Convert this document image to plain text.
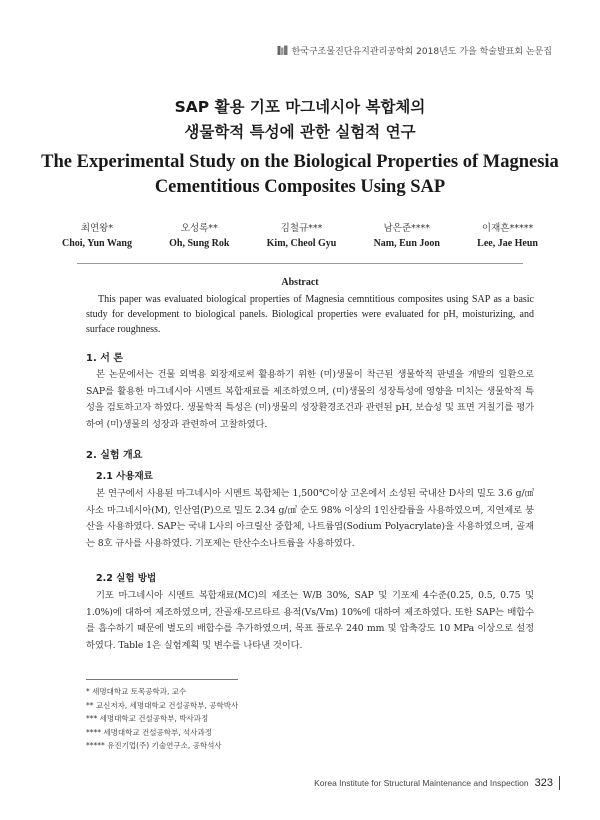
한국구조물진단유지관리공학회 2018년도 가을 학술발표회 논문집
SAP 활용 기포 마그네시아 복합체의
생물학적 특성에 관한 실험적 연구
The Experimental Study on the Biological Properties of Magnesia
Cementitious Composites Using SAP
최연왕*
Choi, Yun Wang
오성록**
Oh, Sung Rok
김철규***
Kim, Cheol Gyu
남은준****
Nam, Eun Joon
이재흔*****
Lee, Jae Heun
Abstract
This paper was evaluated biological properties of Magnesia cemntitious composites using SAP as a basic study for development to biological panels. Biological properties were evaluated for pH, moisturizing, and surface roughness.
1. 서 론
본 논문에서는 건물 외벽용 외장재로써 활용하기 위한 (미)생물이 착근된 생물학적 판넬을 개발의 일환으로 SAP를 활용한 마그네시아 시멘트 복합재료를 제조하였으며, (미)생물의 성장특성에 영향을 미치는 생물학적 특성을 검토하고자 하였다. 생물학적 특성은 (미)생물의 성장환경조건과 관련된 pH, 보습성 및 표면 거칠기를 평가하여 (미)생물의 성장과 관련하여 고찰하였다.
2. 실험 개요
2.1 사용재료
본 연구에서 사용된 마그네시아 시멘트 복합체는 1,500℃이상 고온에서 소성된 국내산 D사의 밀도 3.6 g/㎤ 사소 마그네시아(M), 인산염(P)으로 밀도 2.34 g/㎤ 순도 98% 이상의 1인산칼륨을 사용하였으며, 지연제로 붕산을 사용하였다. SAP는 국내 L사의 아크릴산 중합체, 나트륨염(Sodium Polyacrylate)을 사용하였으며, 골재는 8호 규사를 사용하였다. 기포제는 탄산수소나트륨을 사용하였다.
2.2 실험 방법
기포 마그네시아 시멘트 복합재료(MC)의 제조는 W/B 30%, SAP 및 기포제 4수준(0.25, 0.5, 0.75 및 1.0%)에 대하여 제조하였으며, 잔골재-모르타르 용적(Vs/Vm) 10%에 대하여 제조하였다. 또한 SAP는 배합수를 흡수하기 때문에 별도의 배합수를 추가하였으며, 목표 플로우 240 mm 및 압축강도 10 MPa 이상으로 설정하였다. Table 1은 실험계획 및 변수를 나타낸 것이다.
* 세명대학교 토목공학과, 교수
** 교신저자, 세명대학교 건설공학부, 공학박사
*** 세명대학교 건설공학부, 박사과정
**** 세명대학교 건설공학부, 석사과정
***** 유진기업(주) 기술연구소, 공학석사
Korea Institute for Structural Maintenance and Inspection 323
